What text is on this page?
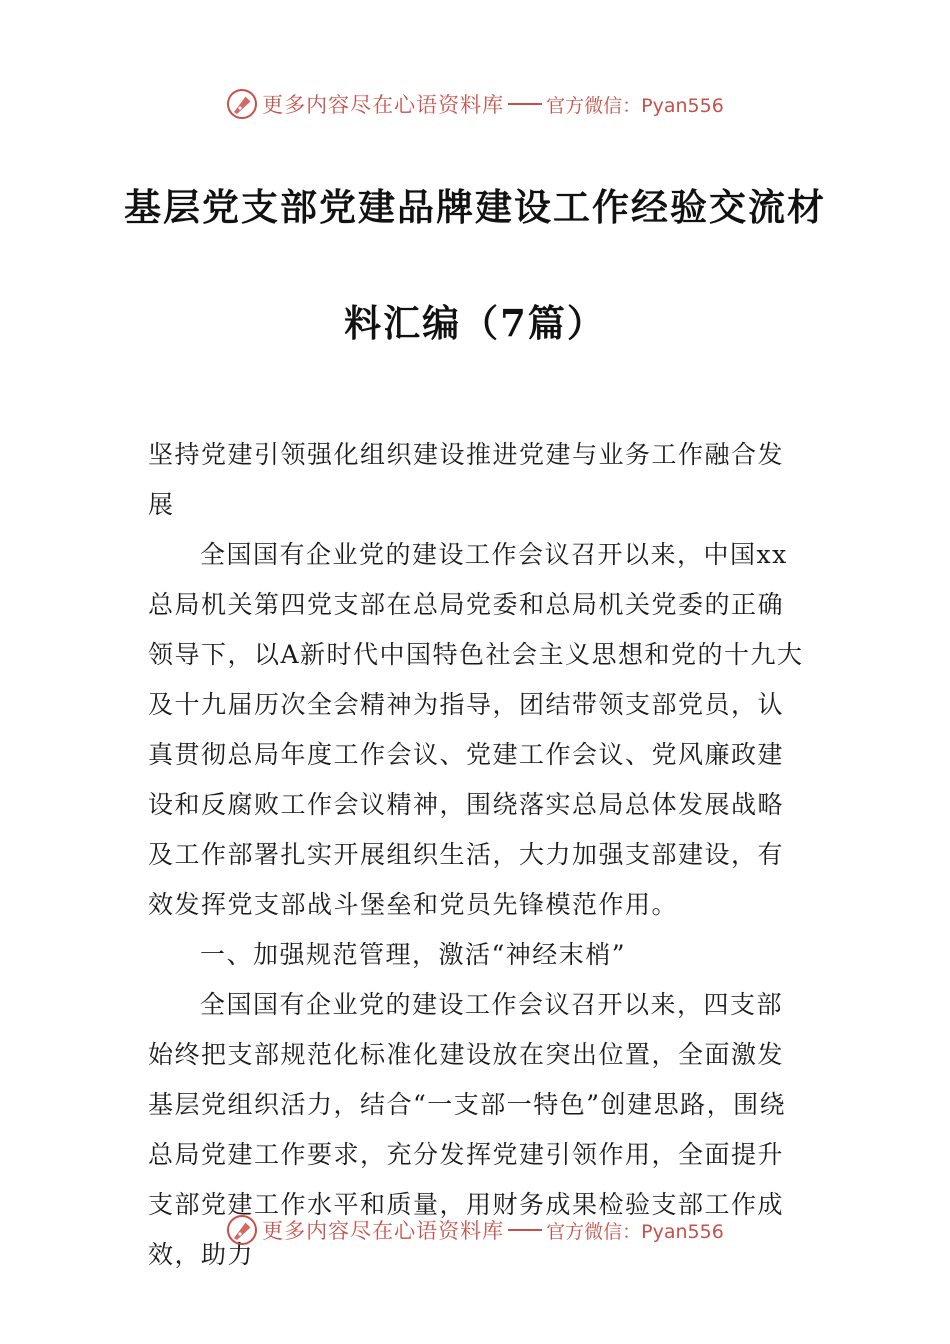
更多内容尽在心语资料库 官方微信：Pyan556
基层党支部党建品牌建设工作经验交流材
料汇编（7篇）

坚持党建引领强化组织建设推进党建与业务工作融合发展

全国国有企业党的建设工作会议召开以来，中国xx总局机关第四党支部在总局党委和总局机关党委的正确领导下，以A新时代中国特色社会主义思想和党的十九大及十九届历次全会精神为指导，团结带领支部党员，认真贯彻总局年度工作会议、党建工作会议、党风廉政建设和反腐败工作会议精神，围绕落实总局总体发展战略及工作部署扎实开展组织生活，大力加强支部建设，有效发挥党支部战斗堡垒和党员先锋模范作用。

一、加强规范管理，激活“神经末梢”

全国国有企业党的建设工作会议召开以来，四支部始终把支部规范化标准化建设放在突出位置，全面激发基层党组织活力，结合“一支部一特色”创建思路，围绕总局党建工作要求，充分发挥党建引领作用，全面提升支部党建工作水平和质量，用财务成果检验支部工作成效，助力

更多内容尽在心语资料库 官方微信：Pyan556
